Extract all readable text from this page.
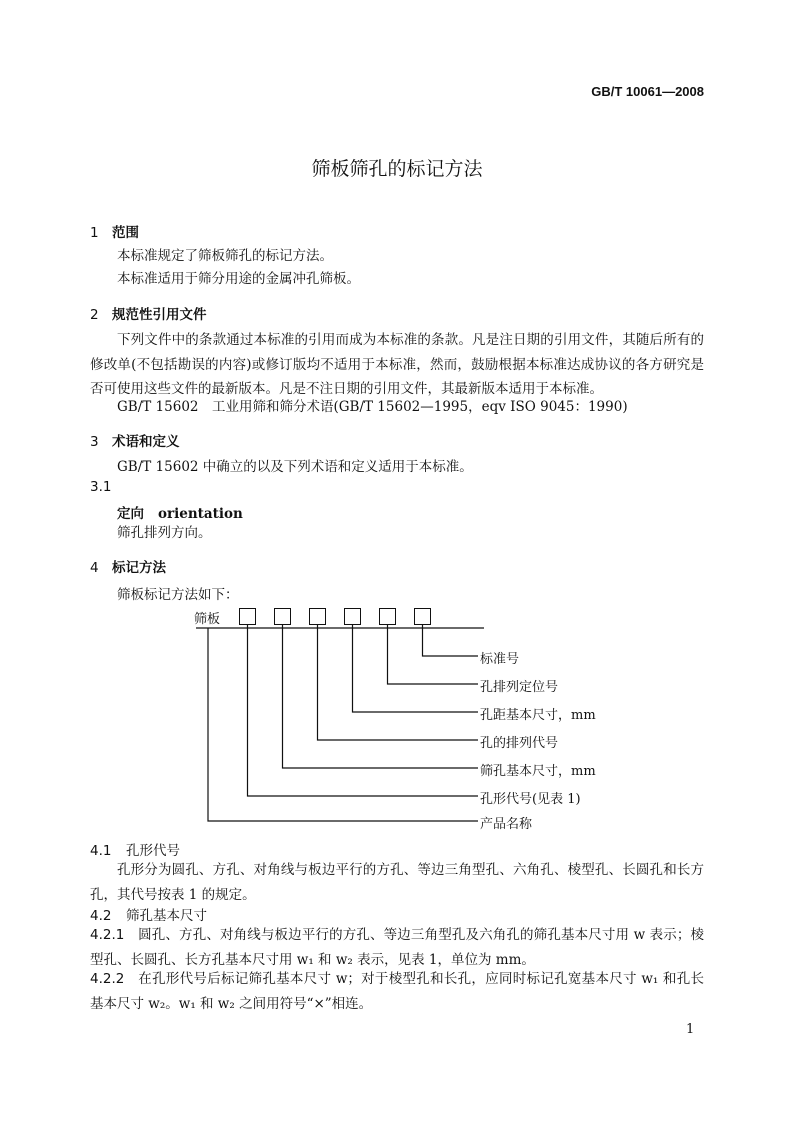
GB/T 10061—2008
筛板筛孔的标记方法
1 范围
本标准规定了筛板筛孔的标记方法。
本标准适用于筛分用途的金属冲孔筛板。
2 规范性引用文件
下列文件中的条款通过本标准的引用而成为本标准的条款。凡是注日期的引用文件，其随后所有的修改单(不包括勘误的内容)或修订版均不适用于本标准，然而，鼓励根据本标准达成协议的各方研究是否可使用这些文件的最新版本。凡是不注日期的引用文件，其最新版本适用于本标准。
GB/T 15602　工业用筛和筛分术语(GB/T 15602—1995，eqv ISO 9045：1990)
3 术语和定义
GB/T 15602 中确立的以及下列术语和定义适用于本标准。
3.1
定向 orientation
筛孔排列方向。
4 标记方法
筛板标记方法如下：
筛板
标准号
孔排列定位号
孔距基本尺寸，mm
孔的排列代号
筛孔基本尺寸，mm
孔形代号(见表 1)
产品名称
4.1 孔形代号
孔形分为圆孔、方孔、对角线与板边平行的方孔、等边三角型孔、六角孔、棱型孔、长圆孔和长方孔，其代号按表 1 的规定。
4.2 筛孔基本尺寸
4.2.1 圆孔、方孔、对角线与板边平行的方孔、等边三角型孔及六角孔的筛孔基本尺寸用 w 表示；棱型孔、长圆孔、长方孔基本尺寸用 w₁ 和 w₂ 表示，见表 1，单位为 mm。
4.2.2 在孔形代号后标记筛孔基本尺寸 w；对于棱型孔和长孔，应同时标记孔宽基本尺寸 w₁ 和孔长基本尺寸 w₂。w₁ 和 w₂ 之间用符号“×”相连。
1
